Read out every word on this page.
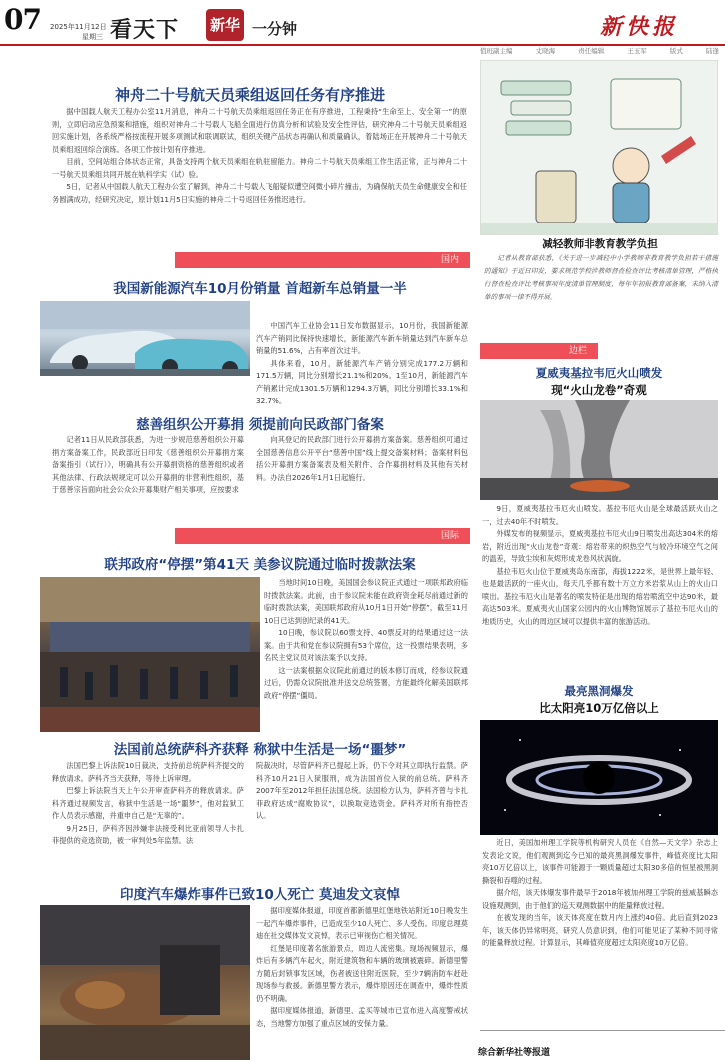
07 2025年11月12日
星期三 看天下 新华 一分钟	新快报
值班副主编	丈晓海	责任编辑	王玉军	版式	陆逢
神舟二十号航天员乘组返回任务有序推进

据中国载人航天工程办公室11月消息，神舟二十号航天员乘组返回任务正在有序推进，工程秉持“生命至上、安全第一”的原则，立即启动应急预案和措施，组织对神舟二十号载人飞船全面进行仿真分析和试验及安全性评估，研究神舟二十号航天员乘组返回实施计划，各系统严格按流程开展多项测试和联调联试，组织关键产品状态再确认和质量确认，着陆场正在开展神舟二十号航天员乘组返回综合演练。各项工作按计划有序推进。

目前，空间站组合体状态正常，具备支持两个航天员乘组在轨驻留能力。神舟二十号航天员乘组工作生活正常，正与神舟二十一号航天员乘组共同开展在轨科学实（试）验。

5日，记者从中国载人航天工程办公室了解到，神舟二十号载人飞船疑似遭空间微小碎片撞击，为确保航天员生命健康安全和任务圆满成功，经研究决定，原计划11月5日实施的神舟二十号返回任务推迟进行。

国内
我国新能源汽车10月份销量 首超新车总销量一半

中国汽车工业协会11日发布数据显示，10月份，我国新能源汽车产销同比保持快速增长，新能源汽车新车销量达到汽车新车总销量的51.6%，占有率首次过半。

具体来看，10月，新能源汽车产销分别完成177.2万辆和171.5万辆，同比分别增长21.1%和20%。1至10月，新能源汽车产销累计完成1301.5万辆和1294.3万辆，同比分别增长33.1%和32.7%。

慈善组织公开募捐 须提前向民政部门备案

记者11日从民政部获悉，为进一步规范慈善组织公开募捐方案备案工作，民政部近日印发《慈善组织公开募捐方案备案指引（试行）》，明确具有公开募捐资格的慈善组织或者其他法律、行政法规规定可以公开募捐的非营利性组织，基于慈善宗旨面向社会公众公开募集财产相关事项，应按要求

向其登记的民政部门进行公开募捐方案备案。慈善组织可通过全国慈善信息公开平台“慈善中国”线上提交备案材料；备案材料包括公开募捐方案备案表及相关附件、合作募捐材料及其他有关材料。办法自2026年1月1日起施行。

国际
联邦政府“停摆”第41天 美参议院通过临时拨款法案

当地时间10日晚，美国国会参议院正式通过一项联邦政府临时拨款法案。此前，由于参议院未能在政府资金耗尽前通过新的临时拨款法案，美国联邦政府从10月1日开始“停摆”，截至11月10日已达到创纪录的41天。

10日晚，参议院以60票支持、40票反对的结果通过这一法案。由于共和党在参议院拥有53个席位，这一投票结果表明，多名民主党议员对该法案予以支持。

这一法案根据众议院此前通过的版本修订而成，经参议院通过后，仍需众议院批准并送交总统签署，方能最终化解美国联邦政府“停摆”僵局。

法国前总统萨科齐获释 称狱中生活是一场“噩梦”

法国巴黎上诉法院10日裁决，支持前总统萨科齐提交的释放请求。萨科齐当天获释，等待上诉审理。

巴黎上诉法院当天上午公开审查萨科齐的释放请求。萨科齐通过视频发言，称狱中生活是一场“噩梦”，他对监狱工作人员表示感谢，并重申自己是“无辜的”。

9月25日，萨科齐因涉嫌非法接受利比亚前领导人卡扎菲提供的竞选资助，被一审判处5年监禁。法

院裁决时，尽管萨科齐已提起上诉，仍下令对其立即执行监禁。萨科齐10月21日入狱服刑，成为法国首位入狱的前总统。萨科齐2007年至2012年担任法国总统。法国检方认为，萨科齐曾与卡扎菲政府达成“腐败协议”，以换取竞选资金。萨科齐对所有指控否认。

印度汽车爆炸事件已致10人死亡 莫迪发文哀悼

据印度媒体报道，印度首都新德里红堡地铁站附近10日晚发生一起汽车爆炸事件，已造成至少10人死亡、多人受伤。印度总理莫迪在社交媒体发文哀悼，表示已审视伤亡相关情况。

红堡是印度著名旅游景点，周边人流密集。现场视频显示，爆炸后有多辆汽车起火，附近建筑物和车辆的玻璃被震碎。新德里警方随后封锁事发区域，伤者被送往附近医院，至少7辆消防车赶赴现场参与救援。新德里警方表示，爆炸原因还在调查中，爆炸性质仍不明确。

据印度媒体报道，新德里、孟买等城市已宣布进入高度警戒状态，当地警方加强了重点区域的安保力量。

减轻教师非教育教学负担

记者从教育部获悉，《关于进一步减轻中小学教师非教育教学负担若干措施的通知》于近日印发，要求规范学校涉教师督查检查评比考核清单管理，严格执行督查检查评比考核事项年度清单管理制度，每年年初报教育部备案，未纳入清单的事项一律不得开展。

边栏
夏威夷基拉韦厄火山喷发
现“火山龙卷”奇观

9日，夏威夷基拉韦厄火山喷发。基拉韦厄火山是全球最活跃火山之一，过去40年不时喷发。

外媒发布的视频显示，夏威夷基拉韦厄火山9日喷发出高达304米的熔岩，附近出现“火山龙卷”奇观：熔岩带来的炽热空气与较冷环境空气之间的温差，导致尘埃和灰烬形成龙卷风状涡旋。

基拉韦厄火山位于夏威夷岛东南部，海拔1222米，是世界上最年轻、也是最活跃的一座火山，每天几乎都有数十万立方米岩浆从山上的火山口喷出。基拉韦厄火山是著名的喷发特征是出现的熔岩喷流空中达90米，最高达503米。夏威夷火山国家公园内的火山博物馆展示了基拉韦厄火山的地质历史，火山的周边区域可以提供丰富的旅游活动。

最亮黑洞爆发
比太阳亮10万亿倍以上

近日，美国加州理工学院等机构研究人员在《自然—天文学》杂志上发表论文说，他们观测到迄今已知的最亮黑洞爆发事件，峰值亮度比太阳亮10万亿倍以上，该事件可能源于一颗质量超过太阳30多倍的恒星被黑洞撕裂和吞噬的过程。

据介绍，该天体爆发事件最早于2018年被加州理工学院的兹威基瞬态设施观测到，由于他们的巡天观测数据中的能量释放过程。

在被发现的当年，该天体亮度在数月内上涨约40倍。此后直到2023年，该天体仍异常明亮，研究人员意识到，他们可能见证了某种不同寻常的能量释放过程。计算显示，其峰值亮度超过太阳亮度10万亿倍。

综合新华社等报道
